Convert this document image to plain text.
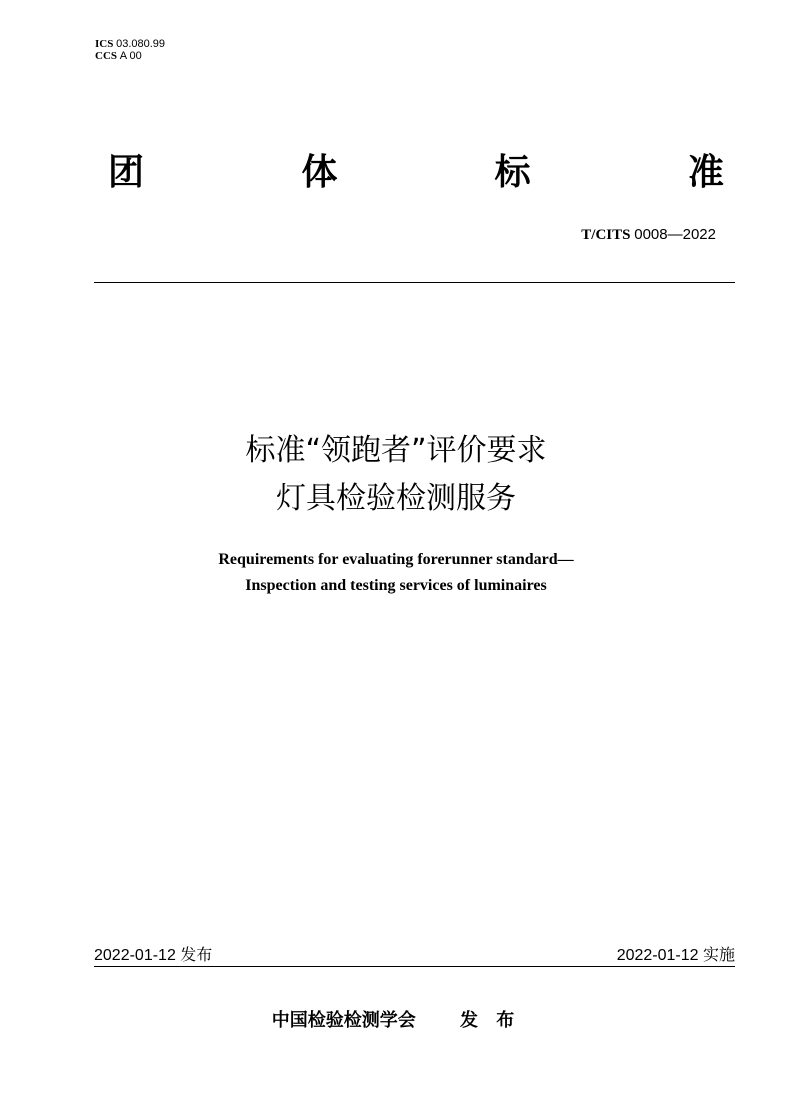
ICS 03.080.99
CCS A 00
团	体	标	准
T/CITS 0008—2022
标准“领跑者”评价要求
灯具检验检测服务
Requirements for evaluating forerunner standard—
Inspection and testing services of luminaires
2022-01-12 发布	2022-01-12 实施
中国检验检测学会 发 布
